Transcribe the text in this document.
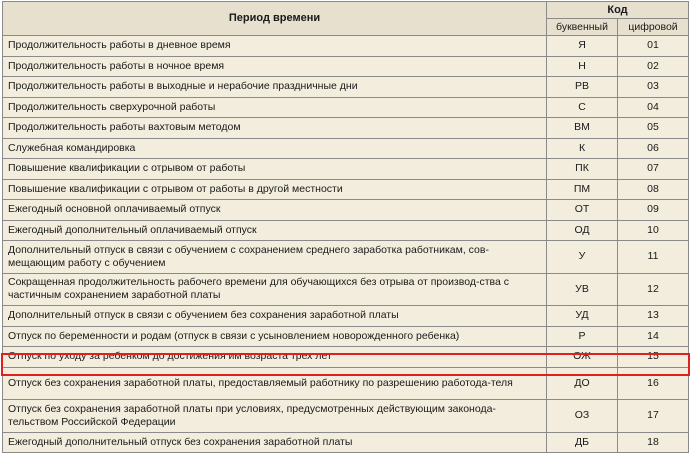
Период времени	Код	
	буквенный	цифровой
Продолжительность работы в дневное время	Я	01
Продолжительность работы в ночное время	Н	02
Продолжительность работы в выходные и нерабочие праздничные дни	РВ	03
Продолжительность сверхурочной работы	С	04
Продолжительность работы вахтовым методом	ВМ	05
Служебная командировка	К	06
Повышение квалификации с отрывом от работы	ПК	07
Повышение квалификации с отрывом от работы в другой местности	ПМ	08
Ежегодный основной оплачиваемый отпуск	ОТ	09
Ежегодный дополнительный оплачиваемый отпуск	ОД	10
Дополнительный отпуск в связи с обучением с сохранением среднего заработка работникам, сов-мещающим работу с обучением	У	11
Сокращенная продолжительность рабочего времени для обучающихся без отрыва от производ-ства с частичным сохранением заработной платы	УВ	12
Дополнительный отпуск в связи с обучением без сохранения заработной платы	УД	13
Отпуск по беременности и родам (отпуск в связи с усыновлением новорожденного ребенка)	Р	14
Отпуск по уходу за ребенком до достижения им возраста трех лет	ОЖ	15
Отпуск без сохранения заработной платы, предоставляемый работнику по разрешению работода-теля	ДО	16
Отпуск без сохранения заработной платы при условиях, предусмотренных действующим законода-тельством Российской Федерации	ОЗ	17
Ежегодный дополнительный отпуск без сохранения заработной платы	ДБ	18
